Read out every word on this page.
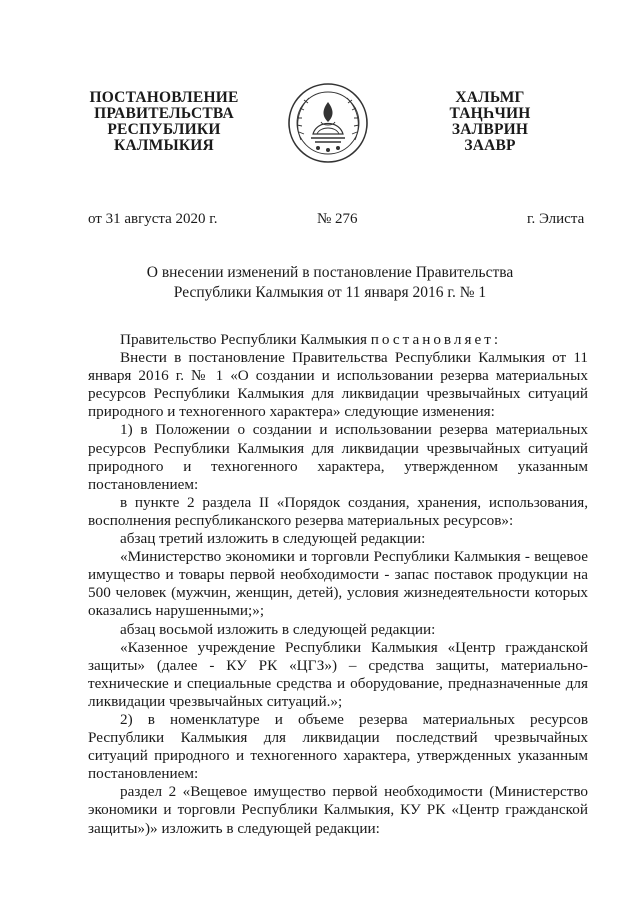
ПОСТАНОВЛЕНИЕ
ПРАВИТЕЛЬСТВА
РЕСПУБЛИКИ
КАЛМЫКИЯ
ХАЛЬМГ
ТАҢҺЧИН
ЗАЛВРИН
ЗААВР
от 31 августа 2020 г.	№ 276	г. Элиста
О внесении изменений в постановление Правительства
Республики Калмыкия от 11 января 2016 г. № 1

Правительство Республики Калмыкия постановляет:

Внести в постановление Правительства Республики Калмыкия от 11 января 2016 г. № 1 «О создании и использовании резерва материальных ресурсов Республики Калмыкия для ликвидации чрезвычайных ситуаций природного и техногенного характера» следующие изменения:

1) в Положении о создании и использовании резерва материальных ресурсов Республики Калмыкия для ликвидации чрезвычайных ситуаций природного и техногенного характера, утвержденном указанным постановлением:

в пункте 2 раздела II «Порядок создания, хранения, использования, восполнения республиканского резерва материальных ресурсов»:

абзац третий изложить в следующей редакции:

«Министерство экономики и торговли Республики Калмыкия - вещевое имущество и товары первой необходимости - запас поставок продукции на 500 человек (мужчин, женщин, детей), условия жизнедеятельности которых оказались нарушенными;»;

абзац восьмой изложить в следующей редакции:

«Казенное учреждение Республики Калмыкия «Центр гражданской защиты» (далее - КУ РК «ЦГЗ») – средства защиты, материально-технические и специальные средства и оборудование, предназначенные для ликвидации чрезвычайных ситуаций.»;

2) в номенклатуре и объеме резерва материальных ресурсов Республики Калмыкия для ликвидации последствий чрезвычайных ситуаций природного и техногенного характера, утвержденных указанным постановлением:

раздел 2 «Вещевое имущество первой необходимости (Министерство экономики и торговли Республики Калмыкия, КУ РК «Центр гражданской защиты»)» изложить в следующей редакции:
